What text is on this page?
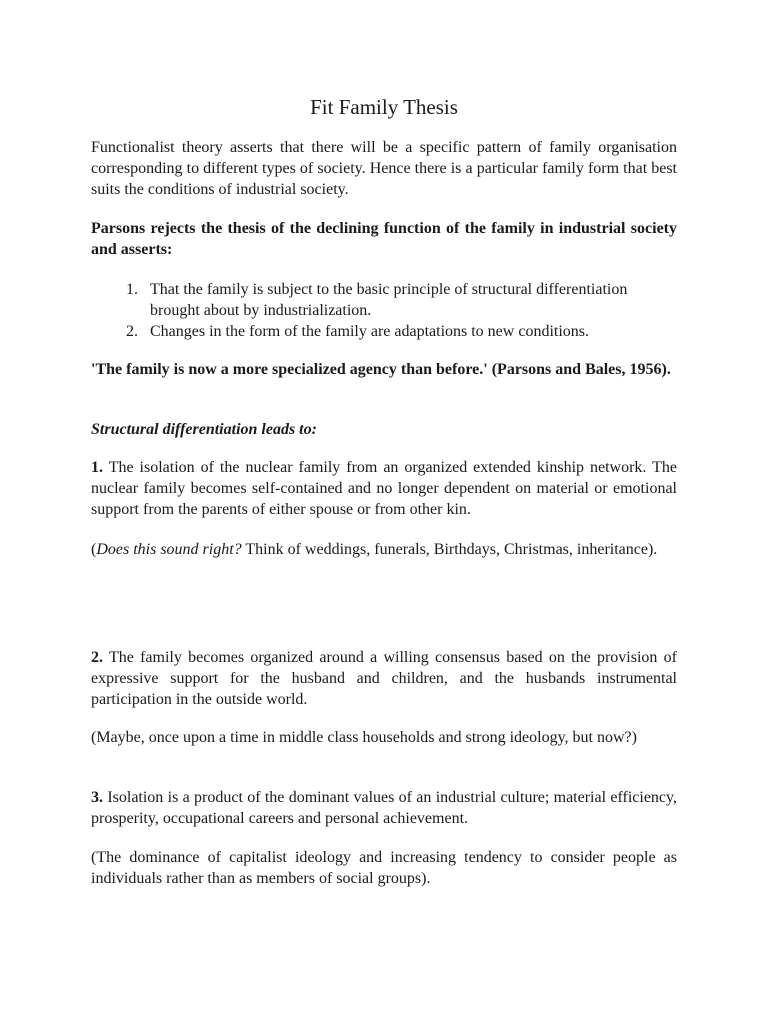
Fit Family Thesis

Functionalist theory asserts that there will be a specific pattern of family organisation corresponding to different types of society. Hence there is a particular family form that best suits the conditions of industrial society.

Parsons rejects the thesis of the declining function of the family in industrial society and asserts:

1. That the family is subject to the basic principle of structural differentiation brought about by industrialization.
2. Changes in the form of the family are adaptations to new conditions.

'The family is now a more specialized agency than before.' (Parsons and Bales, 1956).

Structural differentiation leads to:

1. The isolation of the nuclear family from an organized extended kinship network. The nuclear family becomes self-contained and no longer dependent on material or emotional support from the parents of either spouse or from other kin.

(Does this sound right? Think of weddings, funerals, Birthdays, Christmas, inheritance).

2. The family becomes organized around a willing consensus based on the provision of expressive support for the husband and children, and the husbands instrumental participation in the outside world.

(Maybe, once upon a time in middle class households and strong ideology, but now?)

3. Isolation is a product of the dominant values of an industrial culture; material efficiency, prosperity, occupational careers and personal achievement.

(The dominance of capitalist ideology and increasing tendency to consider people as individuals rather than as members of social groups).
